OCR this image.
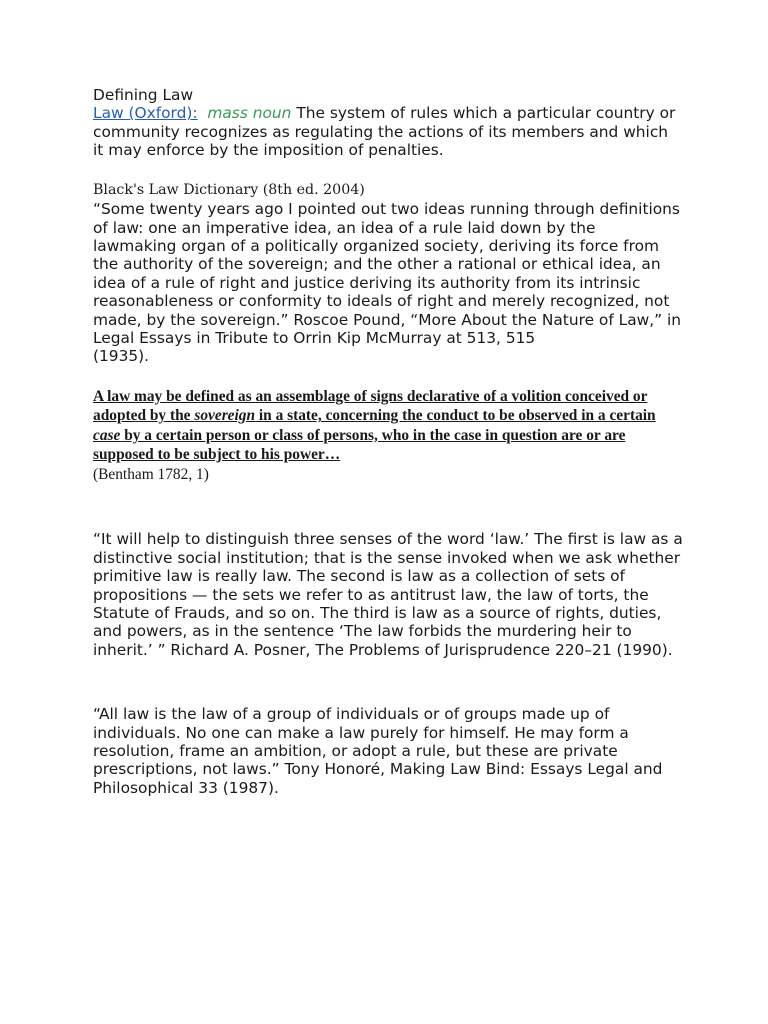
Defining Law

Law (Oxford): mass noun The system of rules which a particular country or community recognizes as regulating the actions of its members and which it may enforce by the imposition of penalties.

Black's Law Dictionary (8th ed. 2004)

“Some twenty years ago I pointed out two ideas running through definitions of law: one an imperative idea, an idea of a rule laid down by the lawmaking organ of a politically organized society, deriving its force from the authority of the sovereign; and the other a rational or ethical idea, an idea of a rule of right and justice deriving its authority from its intrinsic reasonableness or conformity to ideals of right and merely recognized, not made, by the sovereign.” Roscoe Pound, “More About the Nature of Law,” in Legal Essays in Tribute to Orrin Kip McMurray at 513, 515

(1935).

A law may be defined as an assemblage of signs declarative of a volition conceived or adopted by the sovereign in a state, concerning the conduct to be observed in a certain case by a certain person or class of persons, who in the case in question are or are supposed to be subject to his power…

(Bentham 1782, 1)

“It will help to distinguish three senses of the word ‘law.’ The first is law as a distinctive social institution; that is the sense invoked when we ask whether primitive law is really law. The second is law as a collection of sets of propositions — the sets we refer to as antitrust law, the law of torts, the Statute of Frauds, and so on. The third is law as a source of rights, duties, and powers, as in the sentence ‘The law forbids the murdering heir to inherit.’ ” Richard A. Posner, The Problems of Jurisprudence 220–21 (1990).

“All law is the law of a group of individuals or of groups made up of individuals. No one can make a law purely for himself. He may form a resolution, frame an ambition, or adopt a rule, but these are private prescriptions, not laws.” Tony Honoré, Making Law Bind: Essays Legal and Philosophical 33 (1987).
